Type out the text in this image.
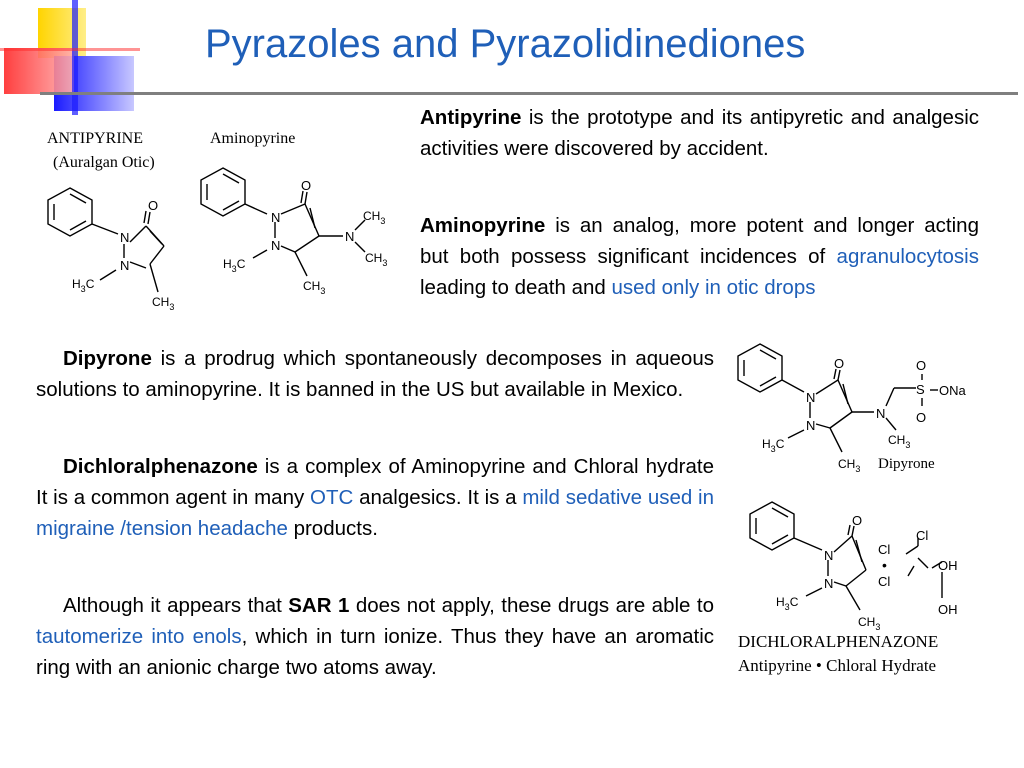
Pyrazoles and Pyrazolidinediones
ANTIPYRINE
(Auralgan Otic)
N
N
O
$H_3C$
$CH_3$
Aminopyrine
N
N
O
N
$CH_3$
$CH_3$
$H_3C$
$CH_3$
Antipyrine is the prototype and its antipyretic and analgesic activities were discovered by accident.
Aminopyrine is an analog, more potent and longer acting but both possess significant incidences of agranulocytosis leading to death and used only in otic drops
Dipyrone is a prodrug which spontaneously decomposes in aqueous solutions to aminopyrine. It is banned in the US but available in Mexico.
Dichloralphenazone is a complex of Aminopyrine and Chloral hydrate It is a common agent in many OTC analgesics. It is a mild sedative used in migraine /tension headache products.
Although it appears that SAR 1 does not apply, these drugs are able to tautomerize into enols, which in turn ionize. Thus they have an aromatic ring with an anionic charge two atoms away.
N
N
O
N
O
S
O
ONa
$CH_3$
$H_3C$
$CH_3$ Dipyrone
N
N
O
Cl
Cl
Cl
•	OH
OH
$H_3C$
$CH_3$
DICHLORALPHENAZONE
Antipyrine • Chloral Hydrate
